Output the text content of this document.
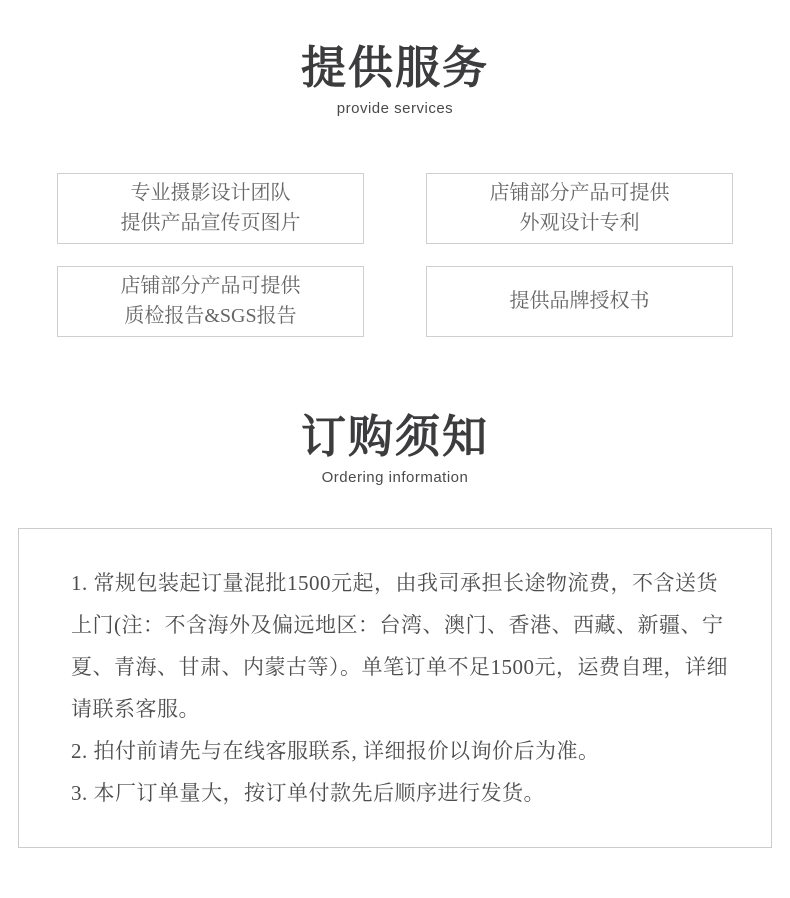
提供服务
provide services
专业摄影设计团队
提供产品宣传页图片
店铺部分产品可提供
外观设计专利
店铺部分产品可提供
质检报告&SGS报告
提供品牌授权书
订购须知
Ordering information

1. 常规包装起订量混批1500元起，由我司承担长途物流费，不含送货上门(注：不含海外及偏远地区：台湾、澳门、香港、西藏、新疆、宁夏、青海、甘肃、内蒙古等）。单笔订单不足1500元，运费自理，详细请联系客服。

2. 拍付前请先与在线客服联系, 详细报价以询价后为准。

3. 本厂订单量大，按订单付款先后顺序进行发货。
